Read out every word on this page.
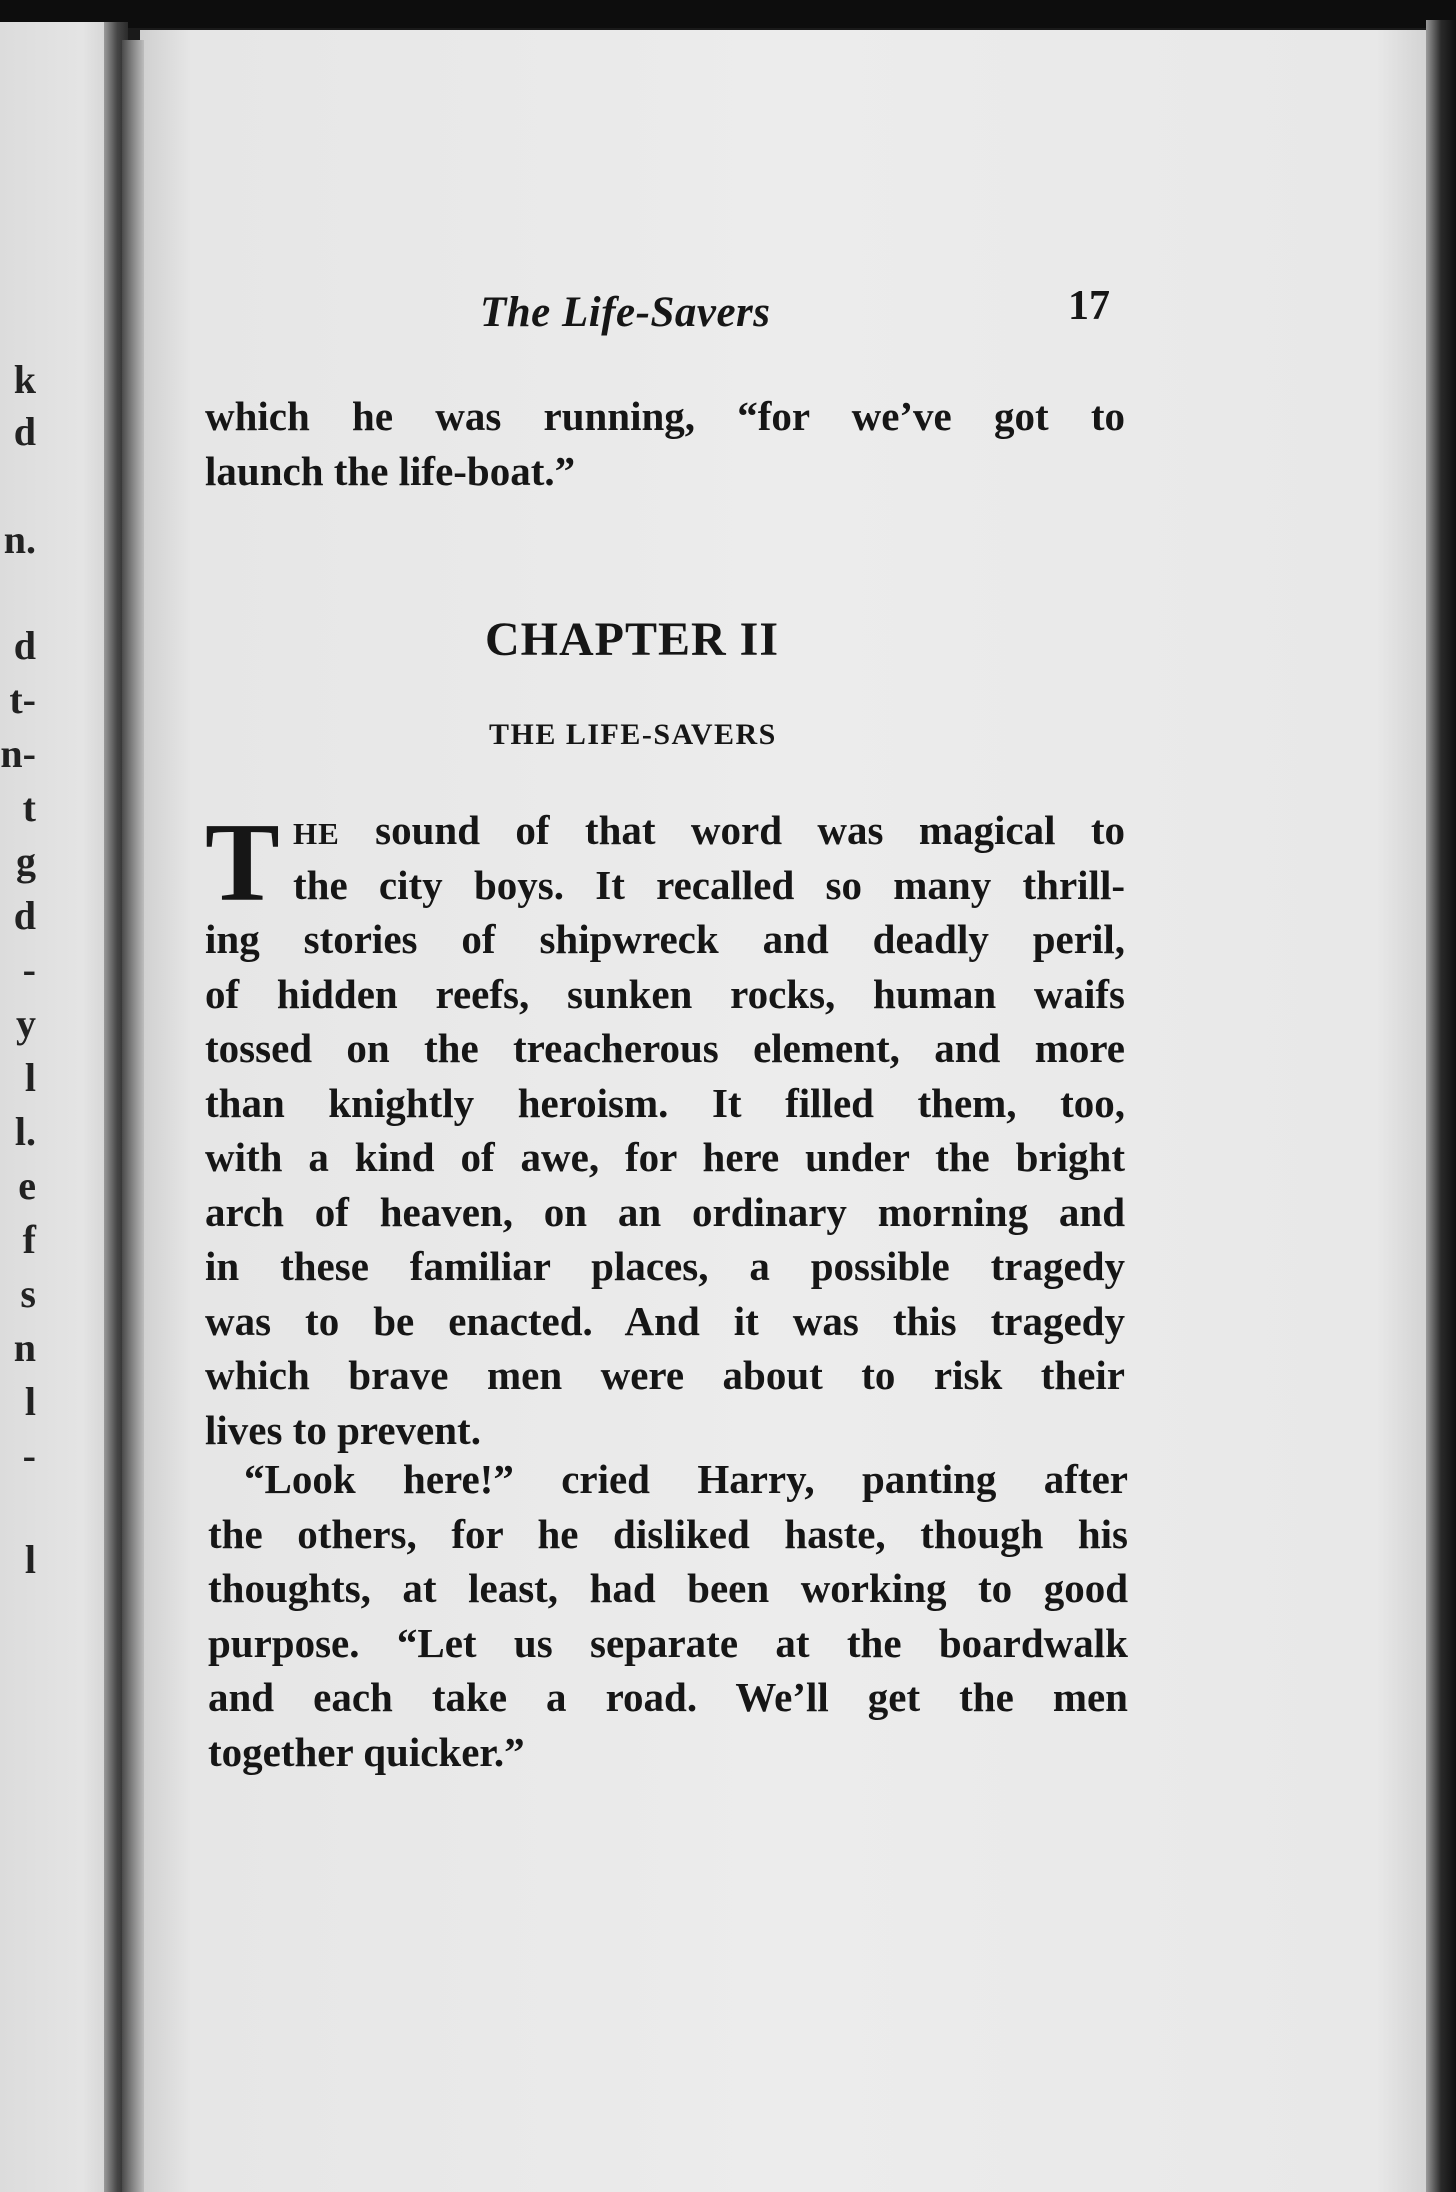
k
d
n.
d
t-
n-
t
g
d
-
y
l
l.
e
f
s
n
l
-
l
The Life-Savers	17
which he was running, “for we’ve got to
launch the life-boat.”
CHAPTER II
THE LIFE-SAVERS
T HE sound of that word was magical to
the city boys. It recalled so many thrill-
ing stories of shipwreck and deadly peril,
of hidden reefs, sunken rocks, human waifs
tossed on the treacherous element, and more
than knightly heroism. It filled them, too,
with a kind of awe, for here under the bright
arch of heaven, on an ordinary morning and
in these familiar places, a possible tragedy
was to be enacted. And it was this tragedy
which brave men were about to risk their
lives to prevent.
“Look here!” cried Harry, panting after
the others, for he disliked haste, though his
thoughts, at least, had been working to good
purpose. “Let us separate at the boardwalk
and each take a road. We’ll get the men
together quicker.”
